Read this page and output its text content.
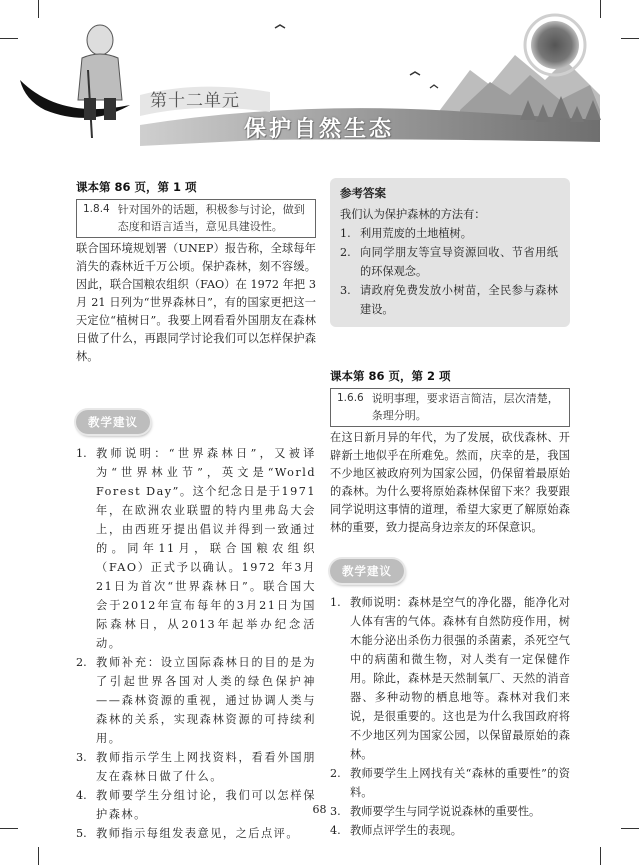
第十二单元
保护自然生态
课本第 86 页，第 1 项
1.8.4 针对国外的话题，积极参与讨论，做到态度和语言适当，意见具建设性。

联合国环境规划署（UNEP）报告称，全球每年消失的森林近千万公顷。保护森林，刻不容缓。因此，联合国粮农组织（FAO）在 1972 年把 3 月 21 日列为“世界森林日”，有的国家更把这一天定位“植树日”。我要上网看看外国朋友在森林日做了什么，再跟同学讨论我们可以怎样保护森林。

教学建议
1. 教师说明：“世界森林日”，又被译为“世界林业节”，英文是“World Forest Day”。这个纪念日是于1971年，在欧洲农业联盟的特内里弗岛大会上，由西班牙提出倡议并得到一致通过的。同年11月，联合国粮农组织（FAO）正式予以确认。1972 年3月21日为首次“世界森林日”。联合国大会于2012年宣布每年的3月21日为国际森林日，从2013年起举办纪念活动。
2. 教师补充：设立国际森林日的目的是为了引起世界各国对人类的绿色保护神——森林资源的重视，通过协调人类与森林的关系，实现森林资源的可持续利用。
3. 教师指示学生上网找资料，看看外国朋友在森林日做了什么。
4. 教师要学生分组讨论，我们可以怎样保护森林。
5. 教师指示每组发表意见，之后点评。
参考答案
我们认为保护森林的方法有：
1. 利用荒废的土地植树。
2. 向同学朋友等宣导资源回收、节省用纸的环保观念。
3. 请政府免费发放小树苗，全民参与森林建设。
课本第 86 页，第 2 项
1.6.6 说明事理，要求语言简洁，层次清楚，条理分明。

在这日新月异的年代，为了发展，砍伐森林、开辟新土地似乎在所难免。然而，庆幸的是，我国不少地区被政府列为国家公园，仍保留着最原始的森林。为什么要将原始森林保留下来？我要跟同学说明这事情的道理，希望大家更了解原始森林的重要，致力提高身边亲友的环保意识。

教学建议
1. 教师说明：森林是空气的净化器，能净化对人体有害的气体。森林有自然防疫作用，树木能分泌出杀伤力很强的杀菌素，杀死空气中的病菌和微生物，对人类有一定保健作用。除此，森林是天然制氧厂、天然的消音器、多种动物的栖息地等。森林对我们来说，是很重要的。这也是为什么我国政府将不少地区列为国家公园，以保留最原始的森林。
2. 教师要学生上网找有关“森林的重要性”的资料。
3. 教师要学生与同学说说森林的重要性。
4. 教师点评学生的表现。
68
